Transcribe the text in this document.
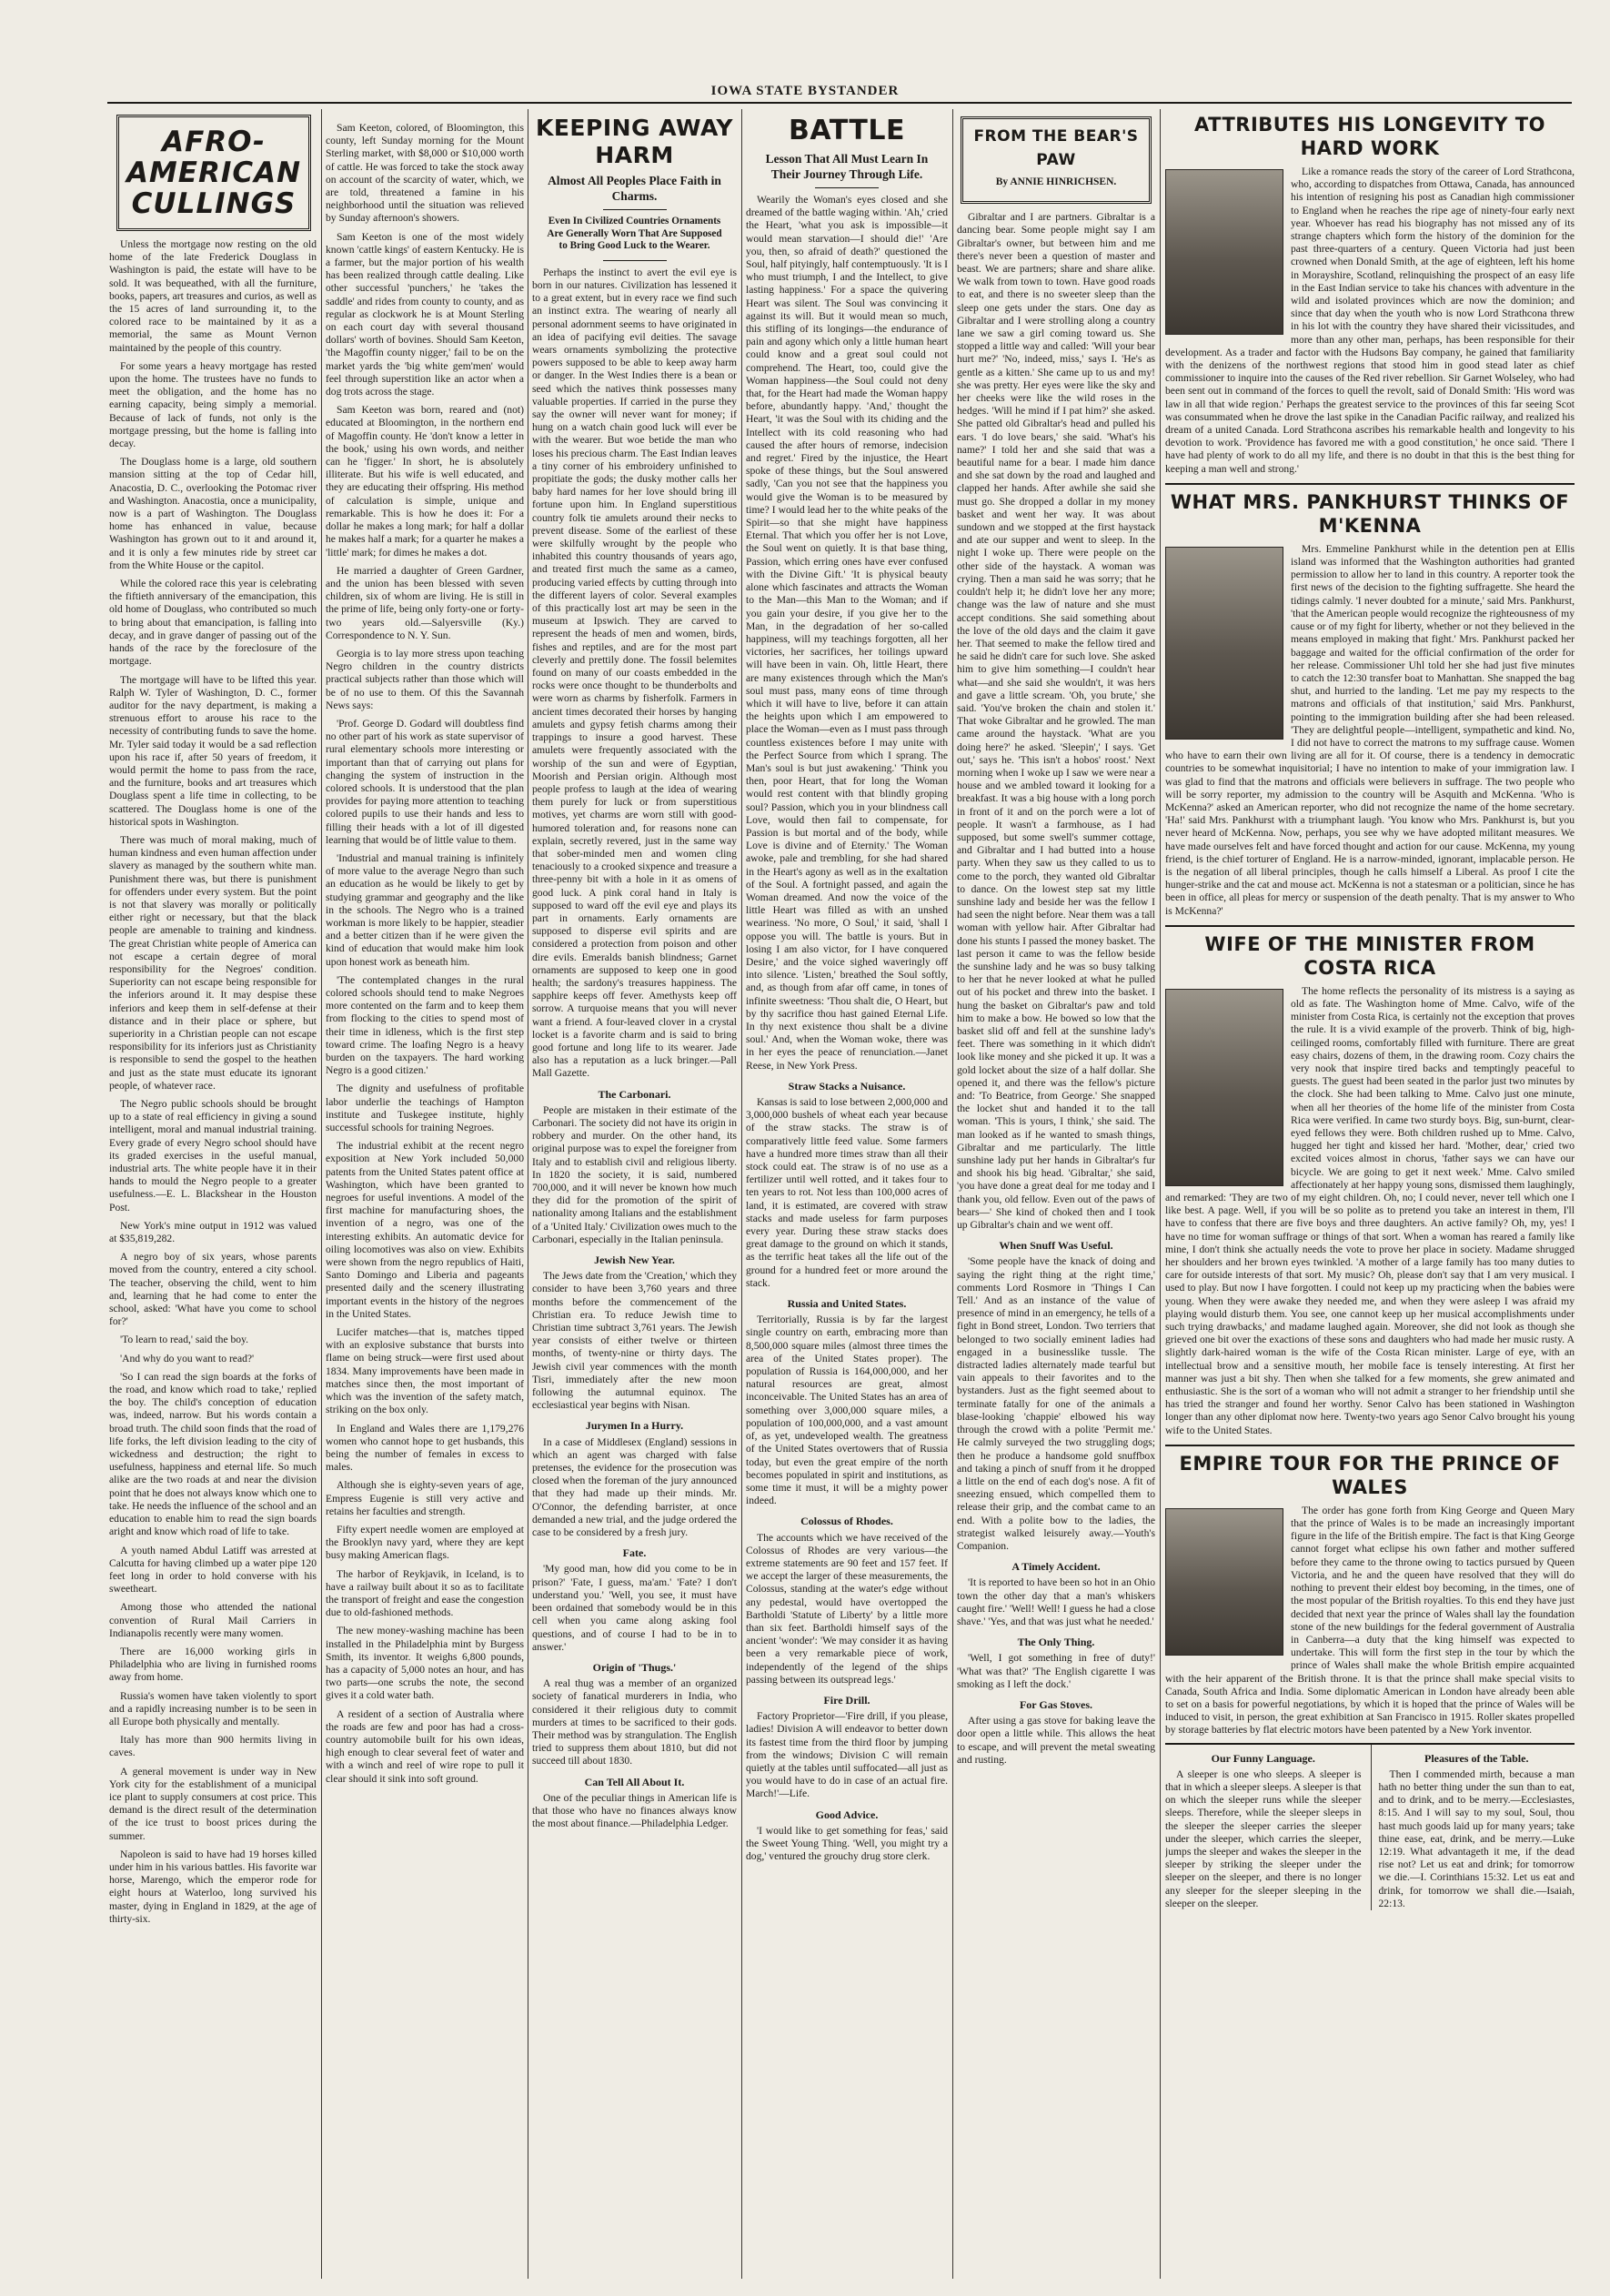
IOWA STATE BYSTANDER
AFRO-AMERICAN CULLINGS

Unless the mortgage now resting on the old home of the late Frederick Douglass in Washington is paid, the estate will have to be sold. It was bequeathed, with all the furniture, books, papers, art treasures and curios, as well as the 15 acres of land surrounding it, to the colored race to be maintained by it as a memorial, the same as Mount Vernon maintained by the people of this country.

For some years a heavy mortgage has rested upon the home. The trustees have no funds to meet the obligation, and the home has no earning capacity, being simply a memorial. Because of lack of funds, not only is the mortgage pressing, but the home is falling into decay.

The Douglass home is a large, old southern mansion sitting at the top of Cedar hill, Anacostia, D. C., overlooking the Potomac river and Washington. Anacostia, once a municipality, now is a part of Washington. The Douglass home has enhanced in value, because Washington has grown out to it and around it, and it is only a few minutes ride by street car from the White House or the capitol.

While the colored race this year is celebrating the fiftieth anniversary of the emancipation, this old home of Douglass, who contributed so much to bring about that emancipation, is falling into decay, and in grave danger of passing out of the hands of the race by the foreclosure of the mortgage.

The mortgage will have to be lifted this year. Ralph W. Tyler of Washington, D. C., former auditor for the navy department, is making a strenuous effort to arouse his race to the necessity of contributing funds to save the home. Mr. Tyler said today it would be a sad reflection upon his race if, after 50 years of freedom, it would permit the home to pass from the race, and the furniture, books and art treasures which Douglass spent a life time in collecting, to be scattered. The Douglass home is one of the historical spots in Washington.

There was much of moral making, much of human kindness and even human affection under slavery as managed by the southern white man. Punishment there was, but there is punishment for offenders under every system. But the point is not that slavery was morally or politically either right or necessary, but that the black people are amenable to training and kindness. The great Christian white people of America can not escape a certain degree of moral responsibility for the Negroes' condition. Superiority can not escape being responsible for the inferiors around it. It may despise these inferiors and keep them in self-defense at their distance and in their place or sphere, but superiority in a Christian people can not escape responsibility for its inferiors just as Christianity is responsible to send the gospel to the heathen and just as the state must educate its ignorant people, of whatever race.

The Negro public schools should be brought up to a state of real efficiency in giving a sound intelligent, moral and manual industrial training. Every grade of every Negro school should have its graded exercises in the useful manual, industrial arts. The white people have it in their hands to mould the Negro people to a greater usefulness.—E. L. Blackshear in the Houston Post.

New York's mine output in 1912 was valued at $35,819,282.

A negro boy of six years, whose parents moved from the country, entered a city school. The teacher, observing the child, went to him and, learning that he had come to enter the school, asked: 'What have you come to school for?'

'To learn to read,' said the boy.

'And why do you want to read?'

'So I can read the sign boards at the forks of the road, and know which road to take,' replied the boy. The child's conception of education was, indeed, narrow. But his words contain a broad truth. The child soon finds that the road of life forks, the left division leading to the city of wickedness and destruction; the right to usefulness, happiness and eternal life. So much alike are the two roads at and near the division point that he does not always know which one to take. He needs the influence of the school and an education to enable him to read the sign boards aright and know which road of life to take.

A youth named Abdul Latiff was arrested at Calcutta for having climbed up a water pipe 120 feet long in order to hold converse with his sweetheart.

Among those who attended the national convention of Rural Mail Carriers in Indianapolis recently were many women.

There are 16,000 working girls in Philadelphia who are living in furnished rooms away from home.

Russia's women have taken violently to sport and a rapidly increasing number is to be seen in all Europe both physically and mentally.

Italy has more than 900 hermits living in caves.

A general movement is under way in New York city for the establishment of a municipal ice plant to supply consumers at cost price. This demand is the direct result of the determination of the ice trust to boost prices during the summer.

Napoleon is said to have had 19 horses killed under him in his various battles. His favorite war horse, Marengo, which the emperor rode for eight hours at Waterloo, long survived his master, dying in England in 1829, at the age of thirty-six.

Sam Keeton, colored, of Bloomington, this county, left Sunday morning for the Mount Sterling market, with $8,000 or $10,000 worth of cattle. He was forced to take the stock away on account of the scarcity of water, which, we are told, threatened a famine in his neighborhood until the situation was relieved by Sunday afternoon's showers.

Sam Keeton is one of the most widely known 'cattle kings' of eastern Kentucky. He is a farmer, but the major portion of his wealth has been realized through cattle dealing. Like other successful 'punchers,' he 'takes the saddle' and rides from county to county, and as regular as clockwork he is at Mount Sterling on each court day with several thousand dollars' worth of bovines. Should Sam Keeton, 'the Magoffin county nigger,' fail to be on the market yards the 'big white gem'men' would feel through superstition like an actor when a dog trots across the stage.

Sam Keeton was born, reared and (not) educated at Bloomington, in the northern end of Magoffin county. He 'don't know a letter in the book,' using his own words, and neither can he 'figger.' In short, he is absolutely illiterate. But his wife is well educated, and they are educating their offspring. His method of calculation is simple, unique and remarkable. This is how he does it: For a dollar he makes a long mark; for half a dollar he makes half a mark; for a quarter he makes a 'little' mark; for dimes he makes a dot.

He married a daughter of Green Gardner, and the union has been blessed with seven children, six of whom are living. He is still in the prime of life, being only forty-one or forty-two years old.—Salyersville (Ky.) Correspondence to N. Y. Sun.

Georgia is to lay more stress upon teaching Negro children in the country districts practical subjects rather than those which will be of no use to them. Of this the Savannah News says:

'Prof. George D. Godard will doubtless find no other part of his work as state supervisor of rural elementary schools more interesting or important than that of carrying out plans for changing the system of instruction in the colored schools. It is understood that the plan provides for paying more attention to teaching colored pupils to use their hands and less to filling their heads with a lot of ill digested learning that would be of little value to them.

'Industrial and manual training is infinitely of more value to the average Negro than such an education as he would be likely to get by studying grammar and geography and the like in the schools. The Negro who is a trained workman is more likely to be happier, steadier and a better citizen than if he were given the kind of education that would make him look upon honest work as beneath him.

'The contemplated changes in the rural colored schools should tend to make Negroes more contented on the farm and to keep them from flocking to the cities to spend most of their time in idleness, which is the first step toward crime. The loafing Negro is a heavy burden on the taxpayers. The hard working Negro is a good citizen.'

The dignity and usefulness of profitable labor underlie the teachings of Hampton institute and Tuskegee institute, highly successful schools for training Negroes.

The industrial exhibit at the recent negro exposition at New York included 50,000 patents from the United States patent office at Washington, which have been granted to negroes for useful inventions. A model of the first machine for manufacturing shoes, the invention of a negro, was one of the interesting exhibits. An automatic device for oiling locomotives was also on view. Exhibits were shown from the negro republics of Haiti, Santo Domingo and Liberia and pageants presented daily and the scenery illustrating important events in the history of the negroes in the United States.

Lucifer matches—that is, matches tipped with an explosive substance that bursts into flame on being struck—were first used about 1834. Many improvements have been made in matches since then, the most important of which was the invention of the safety match, striking on the box only.

In England and Wales there are 1,179,276 women who cannot hope to get husbands, this being the number of females in excess to males.

Although she is eighty-seven years of age, Empress Eugenie is still very active and retains her faculties and strength.

Fifty expert needle women are employed at the Brooklyn navy yard, where they are kept busy making American flags.

The harbor of Reykjavik, in Iceland, is to have a railway built about it so as to facilitate the transport of freight and ease the congestion due to old-fashioned methods.

The new money-washing machine has been installed in the Philadelphia mint by Burgess Smith, its inventor. It weighs 6,800 pounds, has a capacity of 5,000 notes an hour, and has two parts—one scrubs the note, the second gives it a cold water bath.

A resident of a section of Australia where the roads are few and poor has had a cross-country automobile built for his own ideas, high enough to clear several feet of water and with a winch and reel of wire rope to pull it clear should it sink into soft ground.

KEEPING AWAY HARM
Almost All Peoples Place Faith in Charms.
Even In Civilized Countries Ornaments Are Generally Worn That Are Supposed to Bring Good Luck to the Wearer.

Perhaps the instinct to avert the evil eye is born in our natures. Civilization has lessened it to a great extent, but in every race we find such an instinct extra. The wearing of nearly all personal adornment seems to have originated in an idea of pacifying evil deities. The savage wears ornaments symbolizing the protective powers supposed to be able to keep away harm or danger. In the West Indies there is a bean or seed which the natives think possesses many valuable properties. If carried in the purse they say the owner will never want for money; if hung on a watch chain good luck will ever be with the wearer. But woe betide the man who loses his precious charm. The East Indian leaves a tiny corner of his embroidery unfinished to propitiate the gods; the dusky mother calls her baby hard names for her love should bring ill fortune upon him. In England superstitious country folk tie amulets around their necks to prevent disease. Some of the earliest of these were skilfully wrought by the people who inhabited this country thousands of years ago, and treated first much the same as a cameo, producing varied effects by cutting through into the different layers of color. Several examples of this practically lost art may be seen in the museum at Ipswich. They are carved to represent the heads of men and women, birds, fishes and reptiles, and are for the most part cleverly and prettily done. The fossil belemites found on many of our coasts embedded in the rocks were once thought to be thunderbolts and were worn as charms by fisherfolk. Farmers in ancient times decorated their horses by hanging amulets and gypsy fetish charms among their trappings to insure a good harvest. These amulets were frequently associated with the worship of the sun and were of Egyptian, Moorish and Persian origin. Although most people profess to laugh at the idea of wearing them purely for luck or from superstitious motives, yet charms are worn still with good-humored toleration and, for reasons none can explain, secretly revered, just in the same way that sober-minded men and women cling tenaciously to a crooked sixpence and treasure a three-penny bit with a hole in it as omens of good luck. A pink coral hand in Italy is supposed to ward off the evil eye and plays its part in ornaments. Early ornaments are supposed to disperse evil spirits and are considered a protection from poison and other dire evils. Emeralds banish blindness; Garnet ornaments are supposed to keep one in good health; the sardony's treasures happiness. The sapphire keeps off fever. Amethysts keep off sorrow. A turquoise means that you will never want a friend. A four-leaved clover in a crystal locket is a favorite charm and is said to bring good fortune and long life to its wearer. Jade also has a reputation as a luck bringer.—Pall Mall Gazette.

The Carbonari.

People are mistaken in their estimate of the Carbonari. The society did not have its origin in robbery and murder. On the other hand, its original purpose was to expel the foreigner from Italy and to establish civil and religious liberty. In 1820 the society, it is said, numbered 700,000, and it will never be known how much they did for the promotion of the spirit of nationality among Italians and the establishment of a 'United Italy.' Civilization owes much to the Carbonari, especially in the Italian peninsula.

Jewish New Year.

The Jews date from the 'Creation,' which they consider to have been 3,760 years and three months before the commencement of the Christian era. To reduce Jewish time to Christian time subtract 3,761 years. The Jewish year consists of either twelve or thirteen months, of twenty-nine or thirty days. The Jewish civil year commences with the month Tisri, immediately after the new moon following the autumnal equinox. The ecclesiastical year begins with Nisan.

Jurymen In a Hurry.

In a case of Middlesex (England) sessions in which an agent was charged with false pretenses, the evidence for the prosecution was closed when the foreman of the jury announced that they had made up their minds. Mr. O'Connor, the defending barrister, at once demanded a new trial, and the judge ordered the case to be considered by a fresh jury.

Fate.

'My good man, how did you come to be in prison?' 'Fate, I guess, ma'am.' 'Fate? I don't understand you.' 'Well, you see, it must have been ordained that somebody would be in this cell when you came along asking fool questions, and of course I had to be in to answer.'

Origin of 'Thugs.'

A real thug was a member of an organized society of fanatical murderers in India, who considered it their religious duty to commit murders at times to be sacrificed to their gods. Their method was by strangulation. The English tried to suppress them about 1810, but did not succeed till about 1830.

Can Tell All About It.

One of the peculiar things in American life is that those who have no finances always know the most about finance.—Philadelphia Ledger.

BATTLE
Lesson That All Must Learn In Their Journey Through Life.

Wearily the Woman's eyes closed and she dreamed of the battle waging within. 'Ah,' cried the Heart, 'what you ask is impossible—it would mean starvation—I should die!' 'Are you, then, so afraid of death?' questioned the Soul, half pityingly, half contemptuously. 'It is I who must triumph, I and the Intellect, to give lasting happiness.' For a space the quivering Heart was silent. The Soul was convincing it against its will. But it would mean so much, this stifling of its longings—the endurance of pain and agony which only a little human heart could know and a great soul could not comprehend. The Heart, too, could give the Woman happiness—the Soul could not deny that, for the Heart had made the Woman happy before, abundantly happy. 'And,' thought the Heart, 'it was the Soul with its chiding and the Intellect with its cold reasoning who had caused the after hours of remorse, indecision and regret.' Fired by the injustice, the Heart spoke of these things, but the Soul answered sadly, 'Can you not see that the happiness you would give the Woman is to be measured by time? I would lead her to the white peaks of the Spirit—so that she might have happiness Eternal. That which you offer her is not Love, the Soul went on quietly. It is that base thing, Passion, which erring ones have ever confused with the Divine Gift.' 'It is physical beauty alone which fascinates and attracts the Woman to the Man—this Man to the Woman; and if you gain your desire, if you give her to the Man, in the degradation of her so-called happiness, will my teachings forgotten, all her victories, her sacrifices, her toilings upward will have been in vain. Oh, little Heart, there are many existences through which the Man's soul must pass, many eons of time through which it will have to live, before it can attain the heights upon which I am empowered to place the Woman—even as I must pass through countless existences before I may unite with the Perfect Source from which I sprang. The Man's soul is but just awakening.' 'Think you then, poor Heart, that for long the Woman would rest content with that blindly groping soul? Passion, which you in your blindness call Love, would then fail to compensate, for Passion is but mortal and of the body, while Love is divine and of Eternity.' The Woman awoke, pale and trembling, for she had shared in the Heart's agony as well as in the exaltation of the Soul. A fortnight passed, and again the Woman dreamed. And now the voice of the little Heart was filled as with an unshed weariness. 'No more, O Soul,' it said, 'shall I oppose you will. The battle is yours. But in losing I am also victor, for I have conquered Desire,' and the voice sighed waveringly off into silence. 'Listen,' breathed the Soul softly, and, as though from afar off came, in tones of infinite sweetness: 'Thou shalt die, O Heart, but by thy sacrifice thou hast gained Eternal Life. In thy next existence thou shalt be a divine soul.' And, when the Woman woke, there was in her eyes the peace of renunciation.—Janet Reese, in New York Press.

Straw Stacks a Nuisance.

Kansas is said to lose between 2,000,000 and 3,000,000 bushels of wheat each year because of the straw stacks. The straw is of comparatively little feed value. Some farmers have a hundred more times straw than all their stock could eat. The straw is of no use as a fertilizer until well rotted, and it takes four to ten years to rot. Not less than 100,000 acres of land, it is estimated, are covered with straw stacks and made useless for farm purposes every year. During these straw stacks does great damage to the ground on which it stands, as the terrific heat takes all the life out of the ground for a hundred feet or more around the stack.

Russia and United States.

Territorially, Russia is by far the largest single country on earth, embracing more than 8,500,000 square miles (almost three times the area of the United States proper). The population of Russia is 164,000,000, and her natural resources are great, almost inconceivable. The United States has an area of something over 3,000,000 square miles, a population of 100,000,000, and a vast amount of, as yet, undeveloped wealth. The greatness of the United States overtowers that of Russia today, but even the great empire of the north becomes populated in spirit and institutions, as some time it must, it will be a mighty power indeed.

Colossus of Rhodes.

The accounts which we have received of the Colossus of Rhodes are very various—the extreme statements are 90 feet and 157 feet. If we accept the larger of these measurements, the Colossus, standing at the water's edge without any pedestal, would have overtopped the Bartholdi 'Statute of Liberty' by a little more than six feet. Bartholdi himself says of the ancient 'wonder': 'We may consider it as having been a very remarkable piece of work, independently of the legend of the ships passing between its outspread legs.'

Fire Drill.

Factory Proprietor—'Fire drill, if you please, ladies! Division A will endeavor to better down its fastest time from the third floor by jumping from the windows; Division C will remain quietly at the tables until suffocated—all just as you would have to do in case of an actual fire. March!'—Life.

Good Advice.

'I would like to get something for feas,' said the Sweet Young Thing. 'Well, you might try a dog,' ventured the grouchy drug store clerk.

FROM THE BEAR'S PAW
By ANNIE HINRICHSEN.

Gibraltar and I are partners. Gibraltar is a dancing bear. Some people might say I am Gibraltar's owner, but between him and me there's never been a question of master and beast. We are partners; share and share alike. We walk from town to town. Have good roads to eat, and there is no sweeter sleep than the sleep one gets under the stars. One day as Gibraltar and I were strolling along a country lane we saw a girl coming toward us. She stopped a little way and called: 'Will your bear hurt me?' 'No, indeed, miss,' says I. 'He's as gentle as a kitten.' She came up to us and my! she was pretty. Her eyes were like the sky and her cheeks were like the wild roses in the hedges. 'Will he mind if I pat him?' she asked. She patted old Gibraltar's head and pulled his ears. 'I do love bears,' she said. 'What's his name?' I told her and she said that was a beautiful name for a bear. I made him dance and she sat down by the road and laughed and clapped her hands. After awhile she said she must go. She dropped a dollar in my money basket and went her way. It was about sundown and we stopped at the first haystack and ate our supper and went to sleep. In the night I woke up. There were people on the other side of the haystack. A woman was crying. Then a man said he was sorry; that he couldn't help it; he didn't love her any more; change was the law of nature and she must accept conditions. She said something about the love of the old days and the claim it gave her. That seemed to make the fellow tired and he said he didn't care for such love. She asked him to give him something—I couldn't hear what—and she said she wouldn't, it was hers and gave a little scream. 'Oh, you brute,' she said. 'You've broken the chain and stolen it.' That woke Gibraltar and he growled. The man came around the haystack. 'What are you doing here?' he asked. 'Sleepin',' I says. 'Get out,' says he. 'This isn't a hobos' roost.' Next morning when I woke up I saw we were near a house and we ambled toward it looking for a breakfast. It was a big house with a long porch in front of it and on the porch were a lot of people. It wasn't a farmhouse, as I had supposed, but some swell's summer cottage, and Gibraltar and I had butted into a house party. When they saw us they called to us to come to the porch, they wanted old Gibraltar to dance. On the lowest step sat my little sunshine lady and beside her was the fellow I had seen the night before. Near them was a tall woman with yellow hair. After Gibraltar had done his stunts I passed the money basket. The last person it came to was the fellow beside the sunshine lady and he was so busy talking to her that he never looked at what he pulled out of his pocket and threw into the basket. I hung the basket on Gibraltar's paw and told him to make a bow. He bowed so low that the basket slid off and fell at the sunshine lady's feet. There was something in it which didn't look like money and she picked it up. It was a gold locket about the size of a half dollar. She opened it, and there was the fellow's picture and: 'To Beatrice, from George.' She snapped the locket shut and handed it to the tall woman. 'This is yours, I think,' she said. The man looked as if he wanted to smash things, Gibraltar and me particularly. The little sunshine lady put her hands in Gibraltar's fur and shook his big head. 'Gibraltar,' she said, 'you have done a great deal for me today and I thank you, old fellow. Even out of the paws of bears—' She kind of choked then and I took up Gibraltar's chain and we went off.

When Snuff Was Useful.

'Some people have the knack of doing and saying the right thing at the right time,' comments Lord Rosmore in 'Things I Can Tell.' And as an instance of the value of presence of mind in an emergency, he tells of a fight in Bond street, London. Two terriers that belonged to two socially eminent ladies had engaged in a businesslike tussle. The distracted ladies alternately made tearful but vain appeals to their favorites and to the bystanders. Just as the fight seemed about to terminate fatally for one of the animals a blase-looking 'chappie' elbowed his way through the crowd with a polite 'Permit me.' He calmly surveyed the two struggling dogs; then he produce a handsome gold snuffbox and taking a pinch of snuff from it he dropped a little on the end of each dog's nose. A fit of sneezing ensued, which compelled them to release their grip, and the combat came to an end. With a polite bow to the ladies, the strategist walked leisurely away.—Youth's Companion.

A Timely Accident.

'It is reported to have been so hot in an Ohio town the other day that a man's whiskers caught fire.' 'Well! Well! I guess he had a close shave.' 'Yes, and that was just what he needed.'

The Only Thing.

'Well, I got something in free of duty!' 'What was that?' 'The English cigarette I was smoking as I left the dock.'

For Gas Stoves.

After using a gas stove for baking leave the door open a little while. This allows the heat to escape, and will prevent the metal sweating and rusting.

ATTRIBUTES HIS LONGEVITY TO HARD WORK

Like a romance reads the story of the career of Lord Strathcona, who, according to dispatches from Ottawa, Canada, has announced his intention of resigning his post as Canadian high commissioner to England when he reaches the ripe age of ninety-four early next year. Whoever has read his biography has not missed any of its strange chapters which form the history of the dominion for the past three-quarters of a century. Queen Victoria had just been crowned when Donald Smith, at the age of eighteen, left his home in Morayshire, Scotland, relinquishing the prospect of an easy life in the East Indian service to take his chances with adventure in the wild and isolated provinces which are now the dominion; and since that day when the youth who is now Lord Strathcona threw in his lot with the country they have shared their vicissitudes, and more than any other man, perhaps, has been responsible for their development. As a trader and factor with the Hudsons Bay company, he gained that familiarity with the denizens of the northwest regions that stood him in good stead later as chief commissioner to inquire into the causes of the Red river rebellion. Sir Garnet Wolseley, who had been sent out in command of the forces to quell the revolt, said of Donald Smith: 'His word was law in all that wide region.' Perhaps the greatest service to the provinces of this far seeing Scot was consummated when he drove the last spike in the Canadian Pacific railway, and realized his dream of a united Canada. Lord Strathcona ascribes his remarkable health and longevity to his devotion to work. 'Providence has favored me with a good constitution,' he once said. 'There I have had plenty of work to do all my life, and there is no doubt in that this is the best thing for keeping a man well and strong.'

WHAT MRS. PANKHURST THINKS OF M'KENNA

Mrs. Emmeline Pankhurst while in the detention pen at Ellis island was informed that the Washington authorities had granted permission to allow her to land in this country. A reporter took the first news of the decision to the fighting suffragette. She heard the tidings calmly. 'I never doubted for a minute,' said Mrs. Pankhurst, 'that the American people would recognize the righteousness of my cause or of my fight for liberty, whether or not they believed in the means employed in making that fight.' Mrs. Pankhurst packed her baggage and waited for the official confirmation of the order for her release. Commissioner Uhl told her she had just five minutes to catch the 12:30 transfer boat to Manhattan. She snapped the bag shut, and hurried to the landing. 'Let me pay my respects to the matrons and officials of that institution,' said Mrs. Pankhurst, pointing to the immigration building after she had been released. 'They are delightful people—intelligent, sympathetic and kind. No, I did not have to correct the matrons to my suffrage cause. Women who have to earn their own living are all for it. Of course, there is a tendency in democratic countries to be somewhat inquisitorial; I have no intention to make of your immigration law. I was glad to find that the matrons and officials were believers in suffrage. The two people who will be sorry reporter, my admission to the country will be Asquith and McKenna. 'Who is McKenna?' asked an American reporter, who did not recognize the name of the home secretary. 'Ha!' said Mrs. Pankhurst with a triumphant laugh. 'You know who Mrs. Pankhurst is, but you never heard of McKenna. Now, perhaps, you see why we have adopted militant measures. We have made ourselves felt and have forced thought and action for our cause. McKenna, my young friend, is the chief torturer of England. He is a narrow-minded, ignorant, implacable person. He is the negation of all liberal principles, though he calls himself a Liberal. As proof I cite the hunger-strike and the cat and mouse act. McKenna is not a statesman or a politician, since he has been in office, all pleas for mercy or suspension of the death penalty. That is my answer to Who is McKenna?'

WIFE OF THE MINISTER FROM COSTA RICA

The home reflects the personality of its mistress is a saying as old as fate. The Washington home of Mme. Calvo, wife of the minister from Costa Rica, is certainly not the exception that proves the rule. It is a vivid example of the proverb. Think of big, high-ceilinged rooms, comfortably filled with furniture. There are great easy chairs, dozens of them, in the drawing room. Cozy chairs the very nook that inspire tired backs and temptingly peaceful to guests. The guest had been seated in the parlor just two minutes by the clock. She had been talking to Mme. Calvo just one minute, when all her theories of the home life of the minister from Costa Rica were verified. In came two sturdy boys. Big, sun-burnt, clear-eyed fellows they were. Both children rushed up to Mme. Calvo, hugged her tight and kissed her hard. 'Mother, dear,' cried two excited voices almost in chorus, 'father says we can have our bicycle. We are going to get it next week.' Mme. Calvo smiled affectionately at her happy young sons, dismissed them laughingly, and remarked: 'They are two of my eight children. Oh, no; I could never, never tell which one I like best. A page. Well, if you will be so polite as to pretend you take an interest in them, I'll have to confess that there are five boys and three daughters. An active family? Oh, my, yes! I have no time for woman suffrage or things of that sort. When a woman has reared a family like mine, I don't think she actually needs the vote to prove her place in society. Madame shrugged her shoulders and her brown eyes twinkled. 'A mother of a large family has too many duties to care for outside interests of that sort. My music? Oh, please don't say that I am very musical. I used to play. But now I have forgotten. I could not keep up my practicing when the babies were young. When they were awake they needed me, and when they were asleep I was afraid my playing would disturb them. You see, one cannot keep up her musical accomplishments under such trying drawbacks,' and madame laughed again. Moreover, she did not look as though she grieved one bit over the exactions of these sons and daughters who had made her music rusty. A slightly dark-haired woman is the wife of the Costa Rican minister. Large of eye, with an intellectual brow and a sensitive mouth, her mobile face is tensely interesting. At first her manner was just a bit shy. Then when she talked for a few moments, she grew animated and enthusiastic. She is the sort of a woman who will not admit a stranger to her friendship until she has tried the stranger and found her worthy. Senor Calvo has been stationed in Washington longer than any other diplomat now here. Twenty-two years ago Senor Calvo brought his young wife to the United States.

EMPIRE TOUR FOR THE PRINCE OF WALES

The order has gone forth from King George and Queen Mary that the prince of Wales is to be made an increasingly important figure in the life of the British empire. The fact is that King George cannot forget what eclipse his own father and mother suffered before they came to the throne owing to tactics pursued by Queen Victoria, and he and the queen have resolved that they will do nothing to prevent their eldest boy becoming, in the times, one of the most popular of the British royalties. To this end they have just decided that next year the prince of Wales shall lay the foundation stone of the new buildings for the federal government of Australia in Canberra—a duty that the king himself was expected to undertake. This will form the first step in the tour by which the prince of Wales shall make the whole British empire acquainted with the heir apparent of the British throne. It is that the prince shall make special visits to Canada, South Africa and India. Some diplomatic American in London have already been able to set on a basis for powerful negotiations, by which it is hoped that the prince of Wales will be induced to visit, in person, the great exhibition at San Francisco in 1915. Roller skates propelled by storage batteries by flat electric motors have been patented by a New York inventor.

Our Funny Language.

A sleeper is one who sleeps. A sleeper is that in which a sleeper sleeps. A sleeper is that on which the sleeper runs while the sleeper sleeps. Therefore, while the sleeper sleeps in the sleeper the sleeper carries the sleeper under the sleeper, which carries the sleeper, jumps the sleeper and wakes the sleeper in the sleeper by striking the sleeper under the sleeper on the sleeper, and there is no longer any sleeper for the sleeper sleeping in the sleeper on the sleeper.

Pleasures of the Table.

Then I commended mirth, because a man hath no better thing under the sun than to eat, and to drink, and to be merry.—Ecclesiastes, 8:15. And I will say to my soul, Soul, thou hast much goods laid up for many years; take thine ease, eat, drink, and be merry.—Luke 12:19. What advantageth it me, if the dead rise not? Let us eat and drink; for tomorrow we die.—I. Corinthians 15:32. Let us eat and drink, for tomorrow we shall die.—Isaiah, 22:13.
